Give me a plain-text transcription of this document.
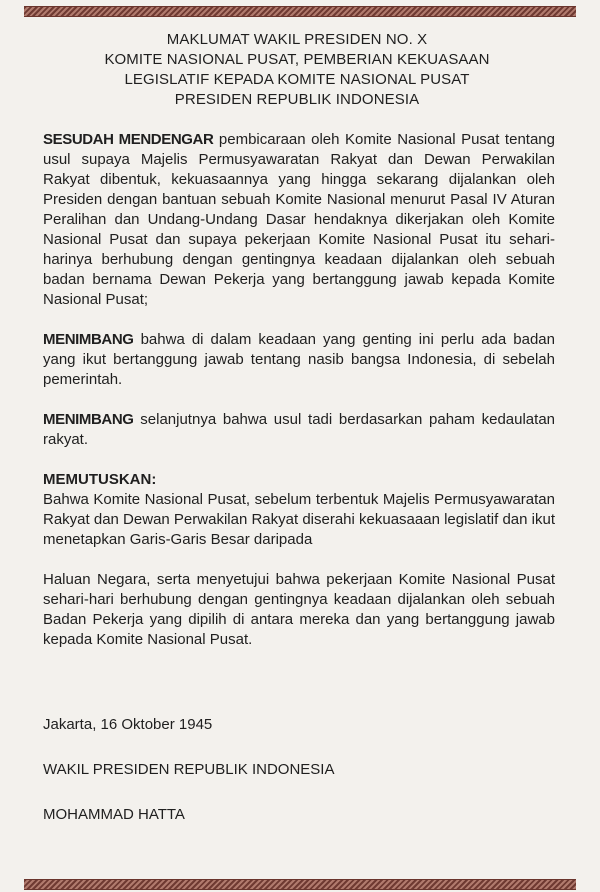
MAKLUMAT WAKIL PRESIDEN NO. X

KOMITE NASIONAL PUSAT, PEMBERIAN KEKUASAAN

LEGISLATIF KEPADA KOMITE NASIONAL PUSAT

PRESIDEN REPUBLIK INDONESIA

SESUDAH MENDENGAR pembicaraan oleh Komite Nasional Pusat tentang usul supaya Majelis Permusyawaratan Rakyat dan Dewan Perwakilan Rakyat dibentuk, kekuasaannya yang hingga sekarang dijalankan oleh Presiden dengan bantuan sebuah Komite Nasional menurut Pasal IV Aturan Peralihan dan Undang-Undang Dasar hendaknya dikerjakan oleh Komite Nasional Pusat dan supaya pekerjaan Komite Nasional Pusat itu sehari-harinya berhubung dengan gentingnya keadaan dijalankan oleh sebuah badan bernama Dewan Pekerja yang bertanggung jawab kepada Komite Nasional Pusat;

MENIMBANG bahwa di dalam keadaan yang genting ini perlu ada badan yang ikut bertanggung jawab tentang nasib bangsa Indonesia, di sebelah pemerintah.

MENIMBANG selanjutnya bahwa usul tadi berdasarkan paham kedaulatan rakyat.

MEMUTUSKAN:

Bahwa Komite Nasional Pusat, sebelum terbentuk Majelis Permusyawaratan Rakyat dan Dewan Perwakilan Rakyat diserahi kekuasaaan legislatif dan ikut menetapkan Garis-Garis Besar daripada

Haluan Negara, serta menyetujui bahwa pekerjaan Komite Nasional Pusat sehari-hari berhubung dengan gentingnya keadaan dijalankan oleh sebuah Badan Pekerja yang dipilih di antara mereka dan yang bertanggung jawab kepada Komite Nasional Pusat.

Jakarta, 16 Oktober 1945

WAKIL PRESIDEN REPUBLIK INDONESIA

MOHAMMAD HATTA
